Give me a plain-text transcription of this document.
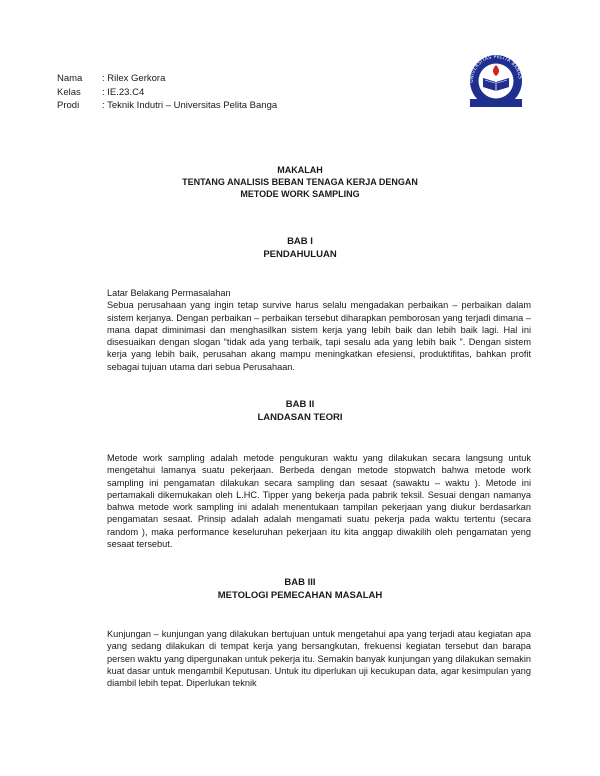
Nama	: Rilex Gerkora
Kelas	: IE.23.C4
Prodi	: Teknik Indutri – Universitas Pelita Banga
UNIVERSITAS PELITA BANGS
MAKALAH
TENTANG ANALISIS BEBAN TENAGA KERJA DENGAN
METODE WORK SAMPLING
BAB I
PENDAHULUAN
Latar Belakang Permasalahan
Sebua perusahaan yang ingin tetap survive harus selalu mengadakan perbaikan – perbaikan dalam sistem kerjanya. Dengan perbaikan – perbaikan tersebut diharapkan pemborosan yang terjadi dimana – mana dapat diminimasi dan menghasilkan sistem kerja yang lebih baik dan lebih baik lagi. Hal ini disesuaikan dengan slogan “tidak ada yang terbaik, tapi sesalu ada yang lebih baik ”. Dengan sistem kerja yang lebih baik, perusahan akang mampu meningkatkan efesiensi, produktifitas, bahkan profit sebagai tujuan utama dari sebua Perusahaan.
BAB II
LANDASAN TEORI
Metode work sampling adalah metode pengukuran waktu yang dilakukan secara langsung untuk mengetahui lamanya suatu pekerjaan. Berbeda dengan metode stopwatch bahwa metode work sampling ini pengamatan dilakukan secara sampling dan sesaat (sawaktu – waktu ). Metode ini pertamakali dikemukakan oleh L.HC. Tipper yang bekerja pada pabrik teksil. Sesuai dengan namanya bahwa metode work sampling ini adalah menentukaan tampilan pekerjaan yang diukur berdasarkan pengamatan sesaat. Prinsip adalah adalah mengamati suatu pekerja pada waktu tertentu (secara random ), maka performance keseluruhan pekerjaan itu kita anggap diwakilih oleh pengamatan yeng sesaat tersebut.
BAB III
METOLOGI PEMECAHAN MASALAH
Kunjungan – kunjungan yang dilakukan bertujuan untuk mengetahui apa yang terjadi atau kegiatan apa yang sedang dilakukan di tempat kerja yang bersangkutan, frekuensi kegiatan tersebut dan barapa persen waktu yang dipergunakan untuk pekerja itu. Semakin banyak kunjungan yang dilakukan semakin kuat dasar untuk mengambil Keputusan. Untuk itu diperlukan uji kecukupan data, agar kesimpulan yang diambil lebih tepat. Diperlukan teknik
